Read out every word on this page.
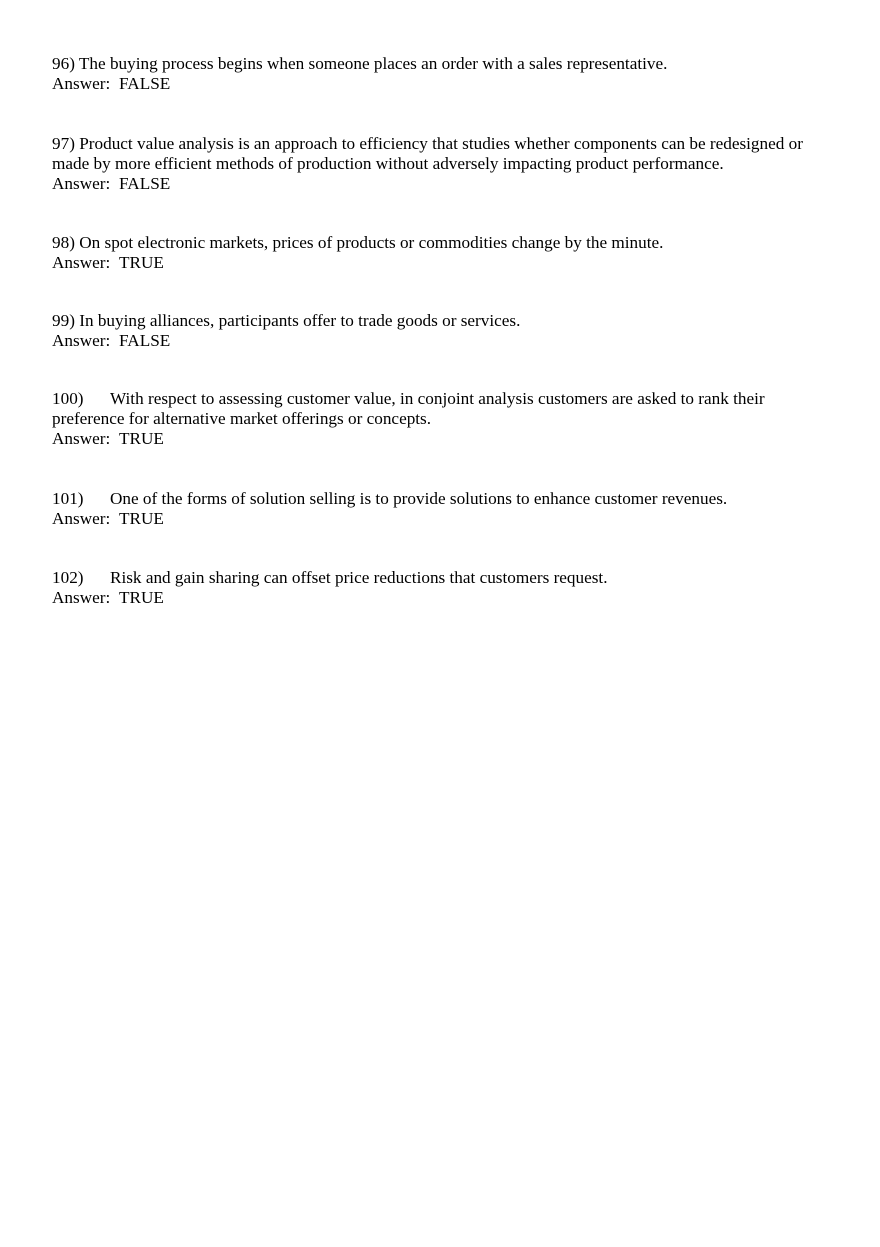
96) The buying process begins when someone places an order with a sales representative.
Answer: FALSE
97) Product value analysis is an approach to efficiency that studies whether components can be redesigned or
made by more efficient methods of production without adversely impacting product performance.
Answer: FALSE
98) On spot electronic markets, prices of products or commodities change by the minute.
Answer: TRUE
99) In buying alliances, participants offer to trade goods or services.
Answer: FALSE
100) With respect to assessing customer value, in conjoint analysis customers are asked to rank their
preference for alternative market offerings or concepts.
Answer: TRUE
101) One of the forms of solution selling is to provide solutions to enhance customer revenues.
Answer: TRUE
102) Risk and gain sharing can offset price reductions that customers request.
Answer: TRUE
